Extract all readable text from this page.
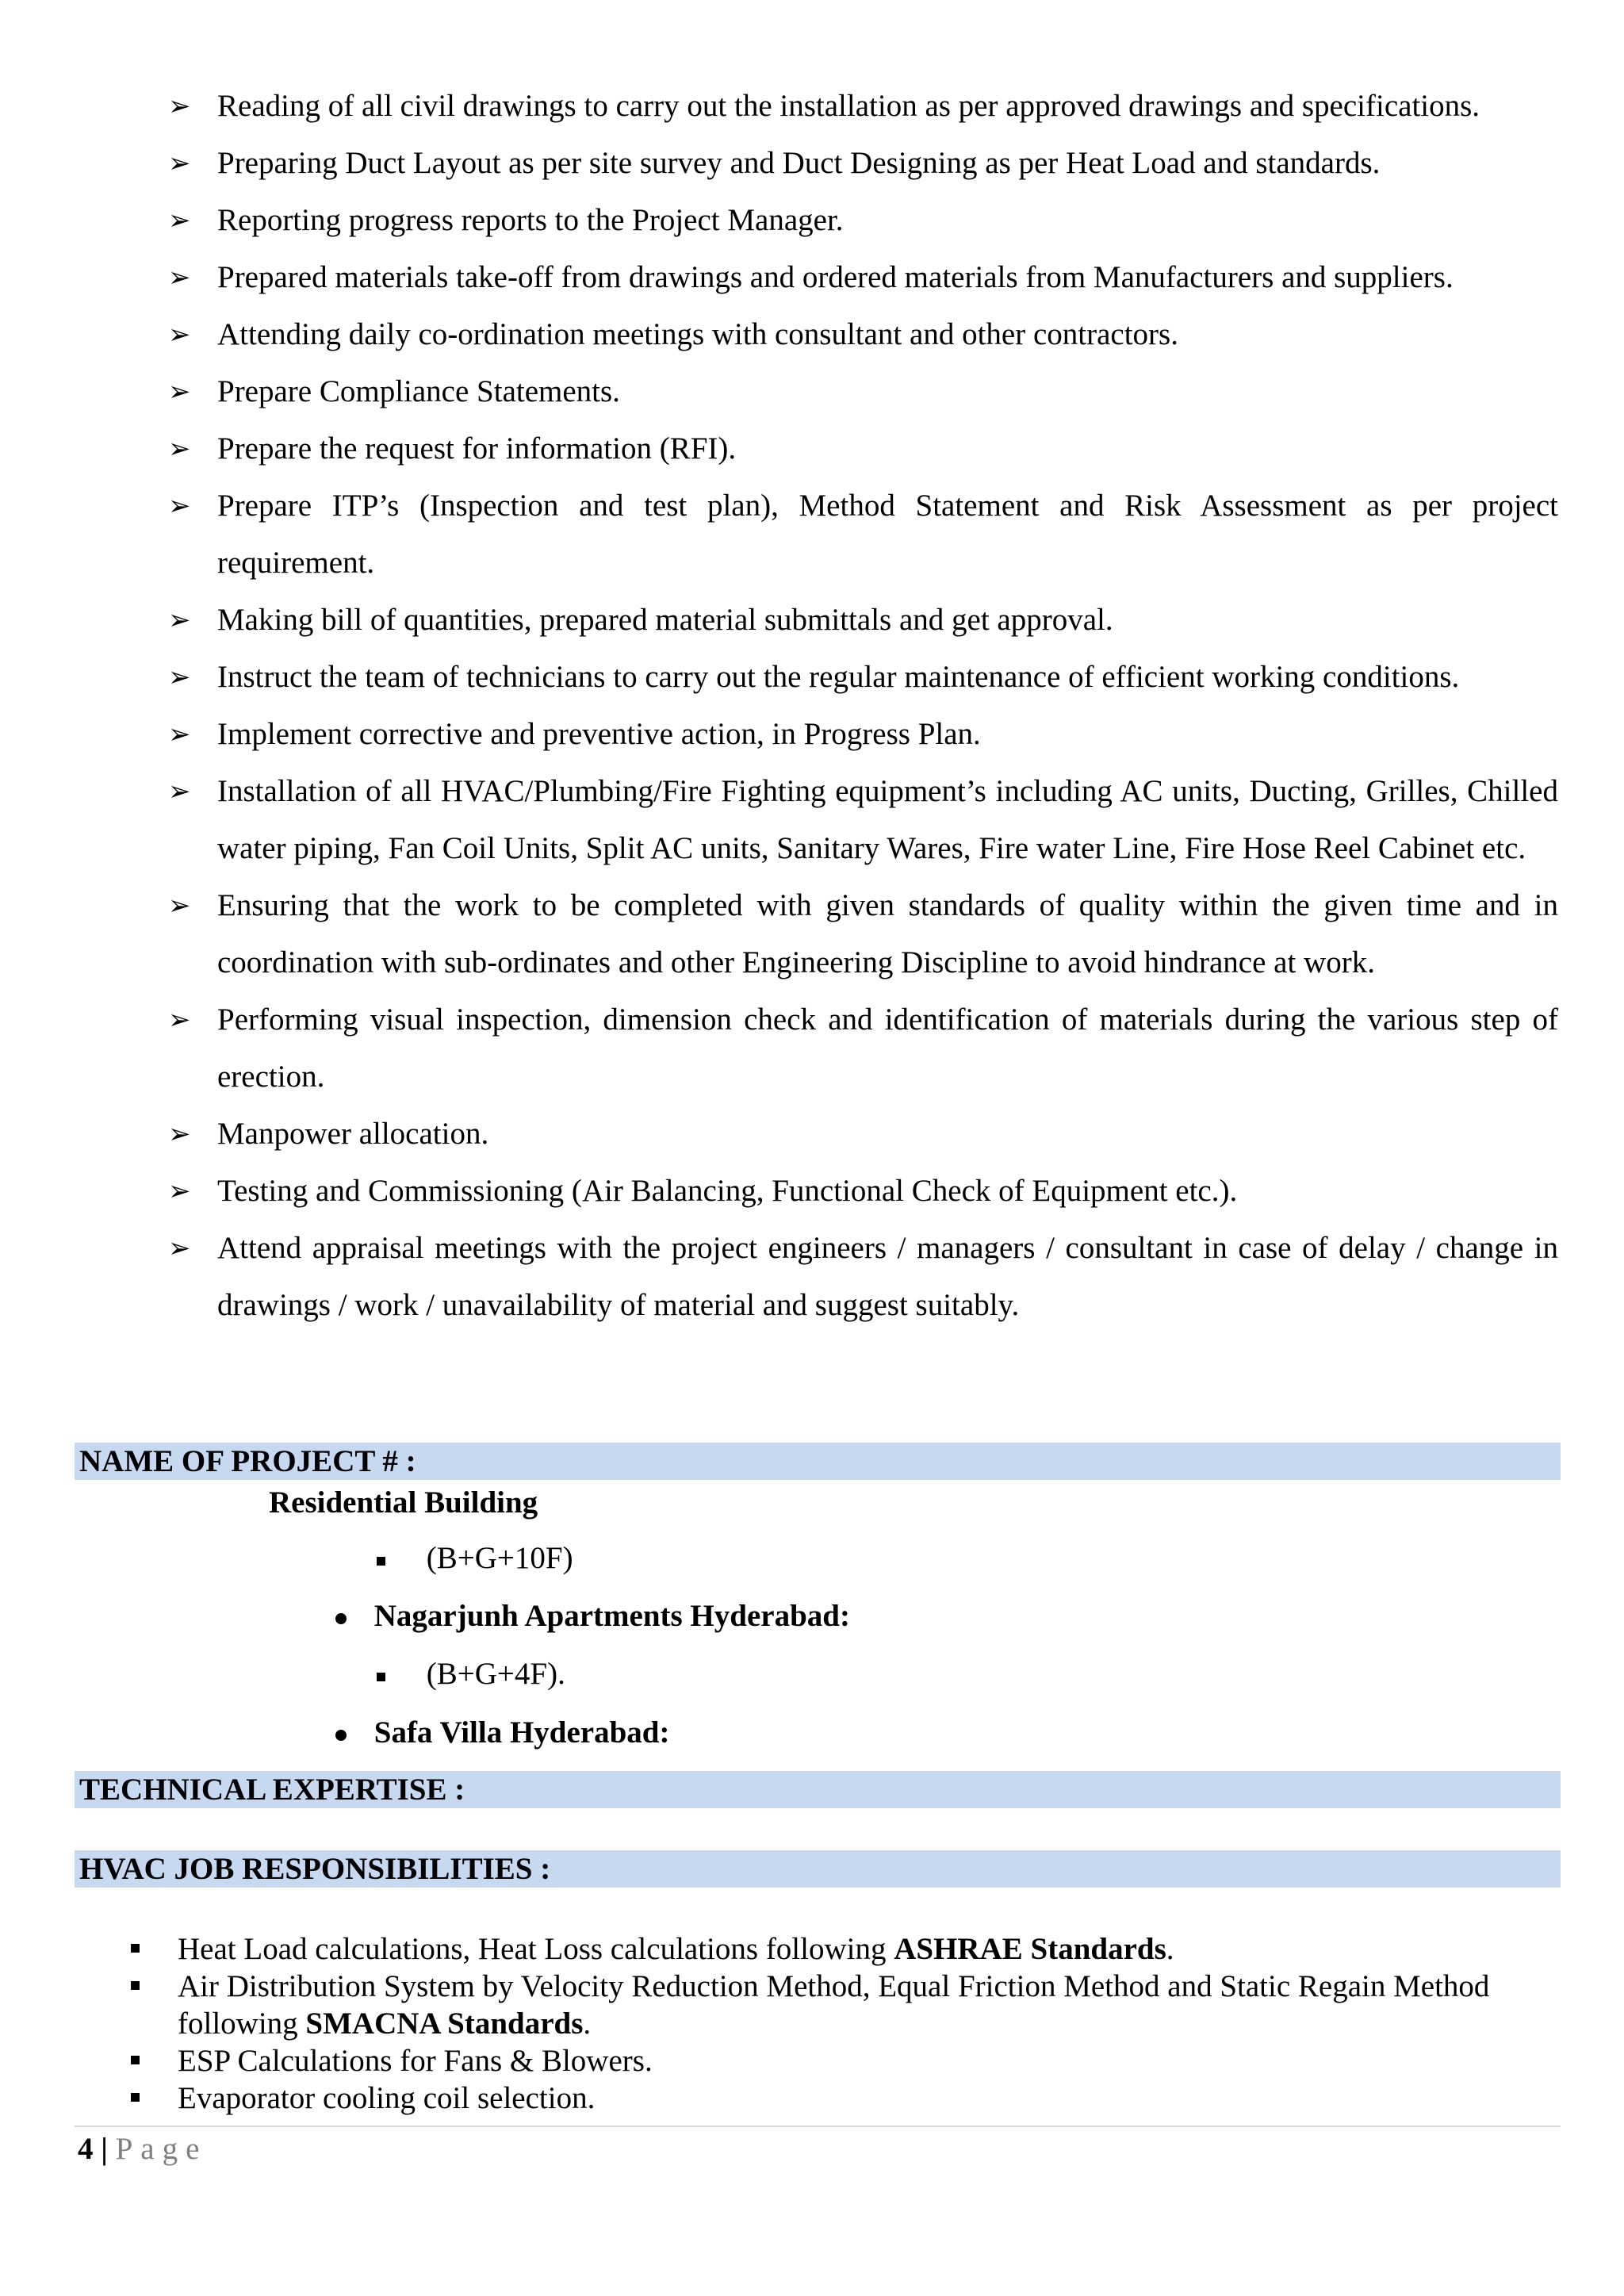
➢ Reading of all civil drawings to carry out the installation as per approved drawings and specifications.
➢ Preparing Duct Layout as per site survey and Duct Designing as per Heat Load and standards.
➢ Reporting progress reports to the Project Manager.
➢ Prepared materials take-off from drawings and ordered materials from Manufacturers and suppliers.
➢ Attending daily co-ordination meetings with consultant and other contractors.
➢ Prepare Compliance Statements.
➢ Prepare the request for information (RFI).
➢ Prepare ITP’s (Inspection and test plan), Method Statement and Risk Assessment as per project requirement.
➢ Making bill of quantities, prepared material submittals and get approval.
➢ Instruct the team of technicians to carry out the regular maintenance of efficient working conditions.
➢ Implement corrective and preventive action, in Progress Plan.
➢ Installation of all HVAC/Plumbing/Fire Fighting equipment’s including AC units, Ducting, Grilles, Chilled water piping, Fan Coil Units, Split AC units, Sanitary Wares, Fire water Line, Fire Hose Reel Cabinet etc.
➢ Ensuring that the work to be completed with given standards of quality within the given time and in coordination with sub-ordinates and other Engineering Discipline to avoid hindrance at work.
➢ Performing visual inspection, dimension check and identification of materials during the various step of erection.
➢ Manpower allocation.
➢ Testing and Commissioning (Air Balancing, Functional Check of Equipment etc.).
➢ Attend appraisal meetings with the project engineers / managers / consultant in case of delay / change in drawings / work / unavailability of material and suggest suitably.
NAME OF PROJECT # :
Residential Building
(B+G+10F)
Nagarjunh Apartments Hyderabad:
(B+G+4F).
Safa Villa Hyderabad:
TECHNICAL EXPERTISE :
HVAC JOB RESPONSIBILITIES :
Heat Load calculations, Heat Loss calculations following ASHRAE Standards.
Air Distribution System by Velocity Reduction Method, Equal Friction Method and Static Regain Method following SMACNA Standards.
ESP Calculations for Fans & Blowers.
Evaporator cooling coil selection.
4 | Page
